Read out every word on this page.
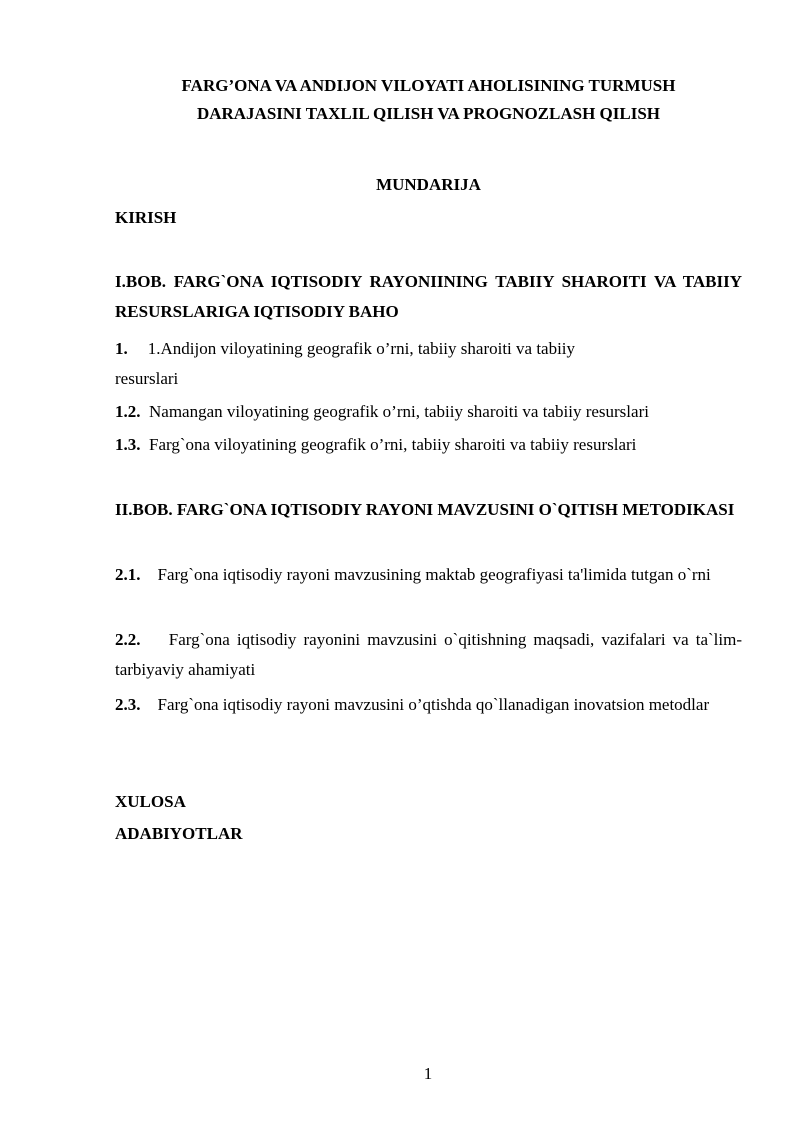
FARG’ONA VA ANDIJON VILOYATI AHOLISINING TURMUSH
DARAJASINI TAXLIL QILISH VA PROGNOZLASH QILISH
MUNDARIJA
KIRISH
I.BOB. FARG`ONA IQTISODIY RAYONIINING TABIIY SHAROITI VA TABIIY RESURSLARIGA IQTISODIY BAHO
1. 1.Andijon viloyatining geografik o’rni, tabiiy sharoiti va tabiiy
resurslari
1.2. Namangan viloyatining geografik o’rni, tabiiy sharoiti va tabiiy resurslari
1.3. Farg`ona viloyatining geografik o’rni, tabiiy sharoiti va tabiiy resurslari
II.BOB. FARG`ONA IQTISODIY RAYONI MAVZUSINI O`QITISH METODIKASI
2.1. Farg`ona iqtisodiy rayoni mavzusining maktab geografiyasi ta'limida tutgan o`rni
2.2. Farg`ona iqtisodiy rayonini mavzusini o`qitishning maqsadi, vazifalari va ta`lim- tarbiyaviy ahamiyati
2.3. Farg`ona iqtisodiy rayoni mavzusini o’qtishda qo`llanadigan inovatsion metodlar
XULOSA
ADABIYOTLAR
1
